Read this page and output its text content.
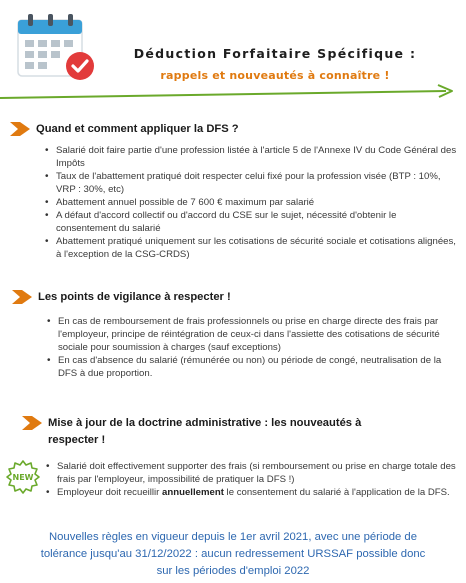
Déduction Forfaitaire Spécifique :
rappels et nouveautés à connaître !
Quand et comment appliquer la DFS ?
• Salarié doit faire partie d'une profession listée à l'article 5 de l'Annexe IV du Code Général des Impôts
• Taux de l'abattement pratiqué doit respecter celui fixé pour la profession visée (BTP : 10%, VRP : 30%, etc)
• Abattement annuel possible de 7 600 € maximum par salarié
• A défaut d'accord collectif ou d'accord du CSE sur le sujet, nécessité d'obtenir le consentement du salarié
• Abattement pratiqué uniquement sur les cotisations de sécurité sociale et cotisations alignées, à l'exception de la CSG-CRDS)
Les points de vigilance à respecter !
• En cas de remboursement de frais professionnels ou prise en charge directe des frais par l'employeur, principe de réintégration de ceux-ci dans l'assiette des cotisations de sécurité sociale pour soumission à charges (sauf exceptions)
• En cas d'absence du salarié (rémunérée ou non) ou période de congé, neutralisation de la DFS à due proportion.
Mise à jour de la doctrine administrative : les nouveautés à
respecter !
NEW
• Salarié doit effectivement supporter des frais (si remboursement ou prise en charge totale des frais par l'employeur, impossibilité de pratiquer la DFS !)
• Employeur doit recueillir annuellement le consentement du salarié à l'application de la DFS.
Nouvelles règles en vigueur depuis le 1er avril 2021, avec une période de
tolérance jusqu'au 31/12/2022 : aucun redressement URSSAF possible donc
sur les périodes d'emploi 2022
